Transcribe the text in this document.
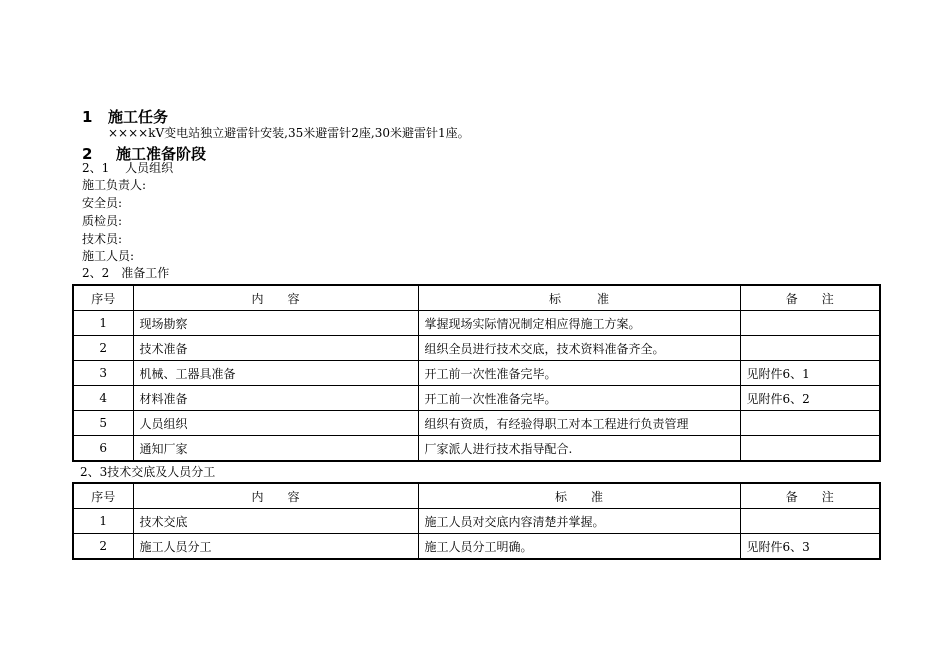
1 施工任务
××××kV变电站独立避雷针安装,35米避雷针2座,30米避雷针1座。
2 施工准备阶段
2、1　 人员组织
施工负责人:
安全员:
质检员:
技术员:
施工人员:
2、2　准备工作
序号	内　　容	标　　　准	备　　注
1	现场勘察	掌握现场实际情况制定相应得施工方案。	
2	技术准备	组织全员进行技术交底，技术资料准备齐全。	
3	机械、工器具准备	开工前一次性准备完毕。	见附件6、1
4	材料准备	开工前一次性准备完毕。	见附件6、2
5	人员组织	组织有资质，有经验得职工对本工程进行负责管理	
6	通知厂家	厂家派人进行技术指导配合.	
2、3技术交底及人员分工
序号	内　　容	标　　准	备　　注
1	技术交底	施工人员对交底内容清楚并掌握。	
2	施工人员分工	施工人员分工明确。	见附件6、3
